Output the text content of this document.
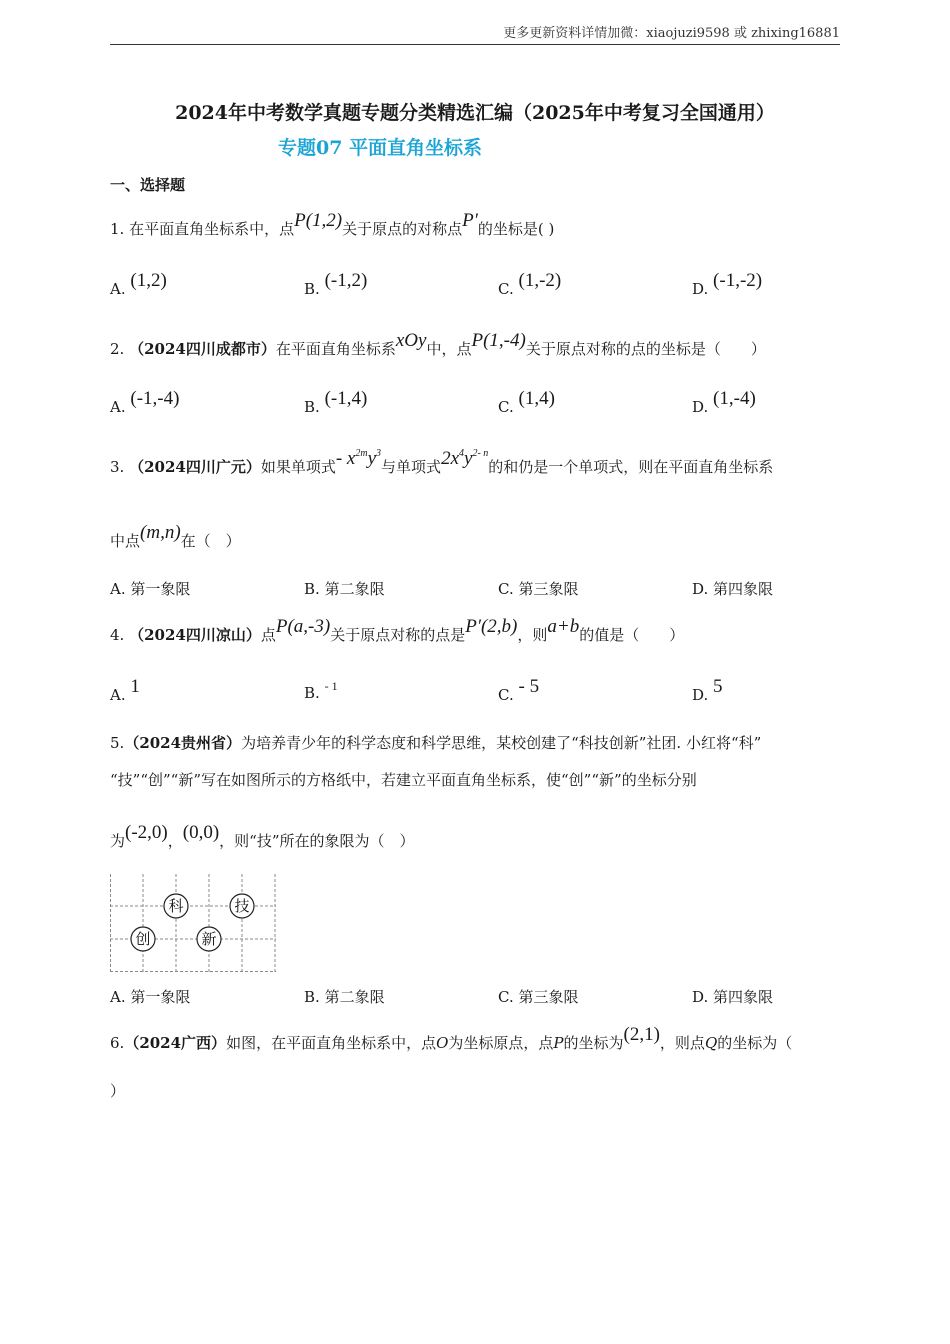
更多更新资料详情加微：xiaojuzi9598 或 zhixing16881
2024年中考数学真题专题分类精选汇编（2025年中考复习全国通用）
专题07 平面直角坐标系
一、选择题
1. 在平面直角坐标系中，点P(1,2)关于原点的对称点P′的坐标是( )
A. (1,2)	B. (-1,2)	C. (1,-2)	D. (-1,-2)
2. （2024四川成都市）在平面直角坐标系xOy中，点P(1,-4)关于原点对称的点的坐标是（　　）
A. (-1,-4)	B. (-1,4)	C. (1,4)	D. (1,-4)
3. （2024四川广元）如果单项式- $x^{2m}y^3$与单项式$2x^4y^{2- n}$的和仍是一个单项式，则在平面直角坐标系
中点(m,n)在（　）
A. 第一象限	B. 第二象限	C. 第三象限	D. 第四象限
4. （2024四川凉山）点P(a,-3)关于原点对称的点是P′(2,b)，则a+b的值是（　　）
A. 1	B. $^{- 1}$	C. - 5	D. 5
5.（2024贵州省）为培养青少年的科学态度和科学思维，某校创建了“科技创新”社团. 小红将“科”
“技”“创”“新”写在如图所示的方格纸中，若建立平面直角坐标系，使“创”“新”的坐标分别
为(-2,0)，(0,0)，则“技”所在的象限为（　）
科	技
创	新
A. 第一象限	B. 第二象限	C. 第三象限	D. 第四象限
6.（2024广西）如图，在平面直角坐标系中，点O为坐标原点，点P的坐标为(2,1)，则点Q的坐标为（
）
